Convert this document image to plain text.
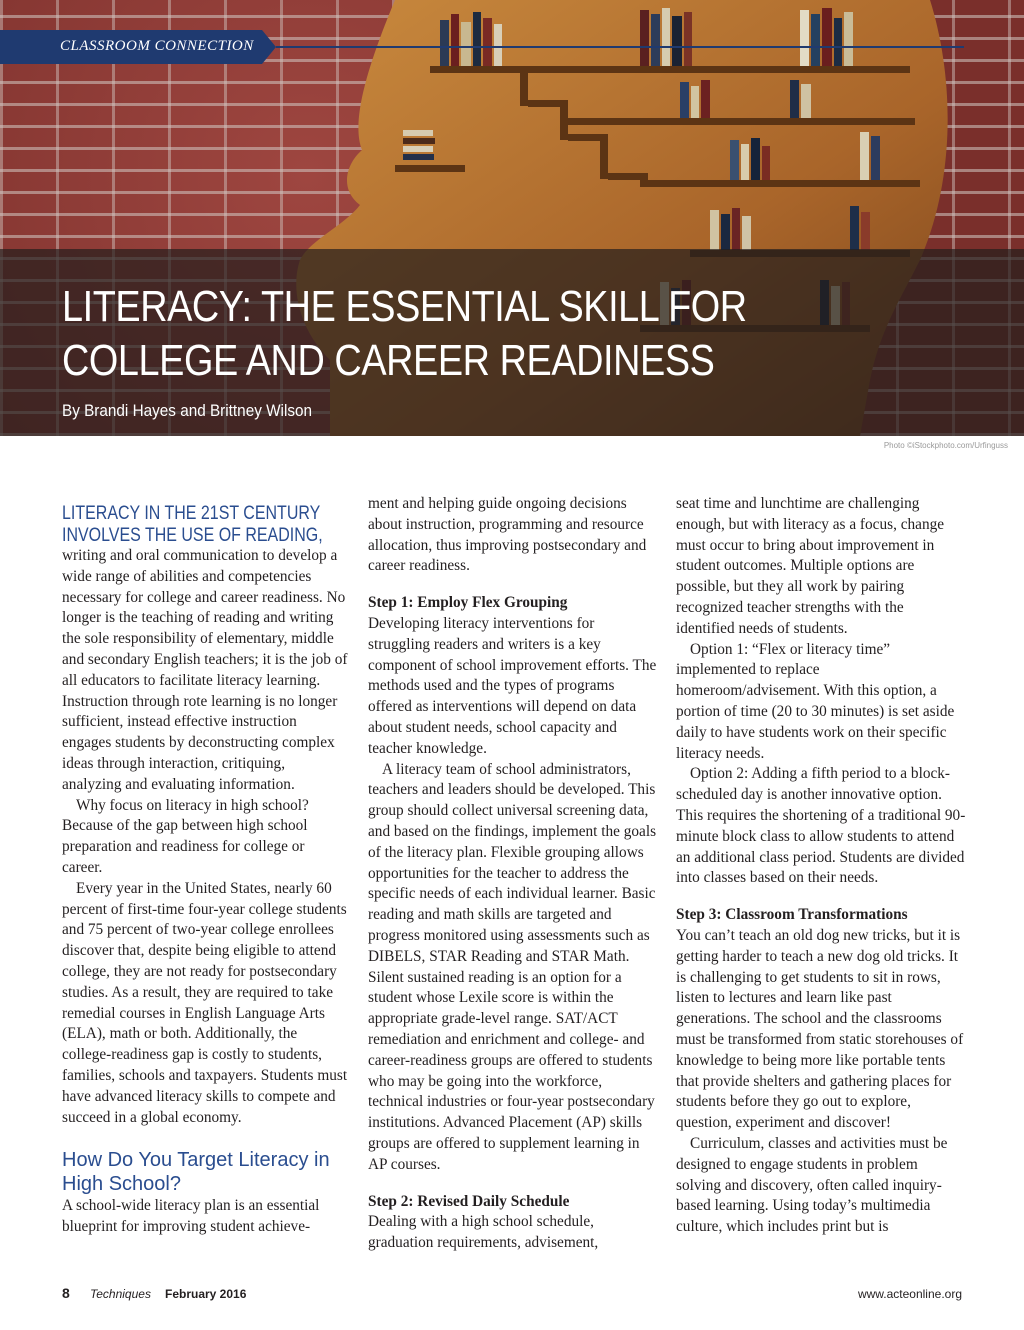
CLASSROOM CONNECTION
LITERACY: THE ESSENTIAL SKILL FOR COLLEGE AND CAREER READINESS
By Brandi Hayes and Brittney Wilson
Photo ©iStockphoto.com/Urfinguss
LITERACY IN THE 21ST CENTURY INVOLVES THE USE OF READING,

writing and oral communication to develop a wide range of abilities and competencies necessary for college and career readiness. No longer is the teaching of reading and writing the sole responsibility of elementary, middle and secondary English teachers; it is the job of all educators to facilitate literacy learning. Instruction through rote learning is no longer sufficient, instead effective instruction engages students by deconstructing complex ideas through interaction, critiquing, analyzing and evaluating information.

Why focus on literacy in high school? Because of the gap between high school preparation and readiness for college or career.

Every year in the United States, nearly 60 percent of first-time four-year college students and 75 percent of two-year college enrollees discover that, despite being eligible to attend college, they are not ready for postsecondary studies. As a result, they are required to take remedial courses in English Language Arts (ELA), math or both. Additionally, the college-readiness gap is costly to students, families, schools and taxpayers. Students must have advanced literacy skills to compete and succeed in a global economy.

How Do You Target Literacy in High School?

A school-wide literacy plan is an essential blueprint for improving student achieve-

ment and helping guide ongoing decisions about instruction, programming and resource allocation, thus improving postsecondary and career readiness.

Step 1: Employ Flex Grouping

Developing literacy interventions for struggling readers and writers is a key component of school improvement efforts. The methods used and the types of programs offered as interventions will depend on data about student needs, school capacity and teacher knowledge.

A literacy team of school administrators, teachers and leaders should be developed. This group should collect universal screening data, and based on the findings, implement the goals of the literacy plan. Flexible grouping allows opportunities for the teacher to address the specific needs of each individual learner. Basic reading and math skills are targeted and progress monitored using assessments such as DIBELS, STAR Reading and STAR Math. Silent sustained reading is an option for a student whose Lexile score is within the appropriate grade-level range. SAT/ACT remediation and enrichment and college- and career-readiness groups are offered to students who may be going into the workforce, technical industries or four-year postsecondary institutions. Advanced Placement (AP) skills groups are offered to supplement learning in AP courses.

Step 2: Revised Daily Schedule

Dealing with a high school schedule, graduation requirements, advisement,

seat time and lunchtime are challenging enough, but with literacy as a focus, change must occur to bring about improvement in student outcomes. Multiple options are possible, but they all work by pairing recognized teacher strengths with the identified needs of students.

Option 1: “Flex or literacy time” implemented to replace homeroom/advisement. With this option, a portion of time (20 to 30 minutes) is set aside daily to have students work on their specific literacy needs.

Option 2: Adding a fifth period to a block-scheduled day is another innovative option. This requires the shortening of a traditional 90-minute block class to allow students to attend an additional class period. Students are divided into classes based on their needs.

Step 3: Classroom Transformations

You can’t teach an old dog new tricks, but it is getting harder to teach a new dog old tricks. It is challenging to get students to sit in rows, listen to lectures and learn like past generations. The school and the classrooms must be transformed from static storehouses of knowledge to being more like portable tents that provide shelters and gathering places for students before they go out to explore, question, experiment and discover!

Curriculum, classes and activities must be designed to engage students in problem solving and discovery, often called inquiry-based learning. Using today’s multimedia culture, which includes print but is

8 Techniques February 2016	www.acteonline.org
